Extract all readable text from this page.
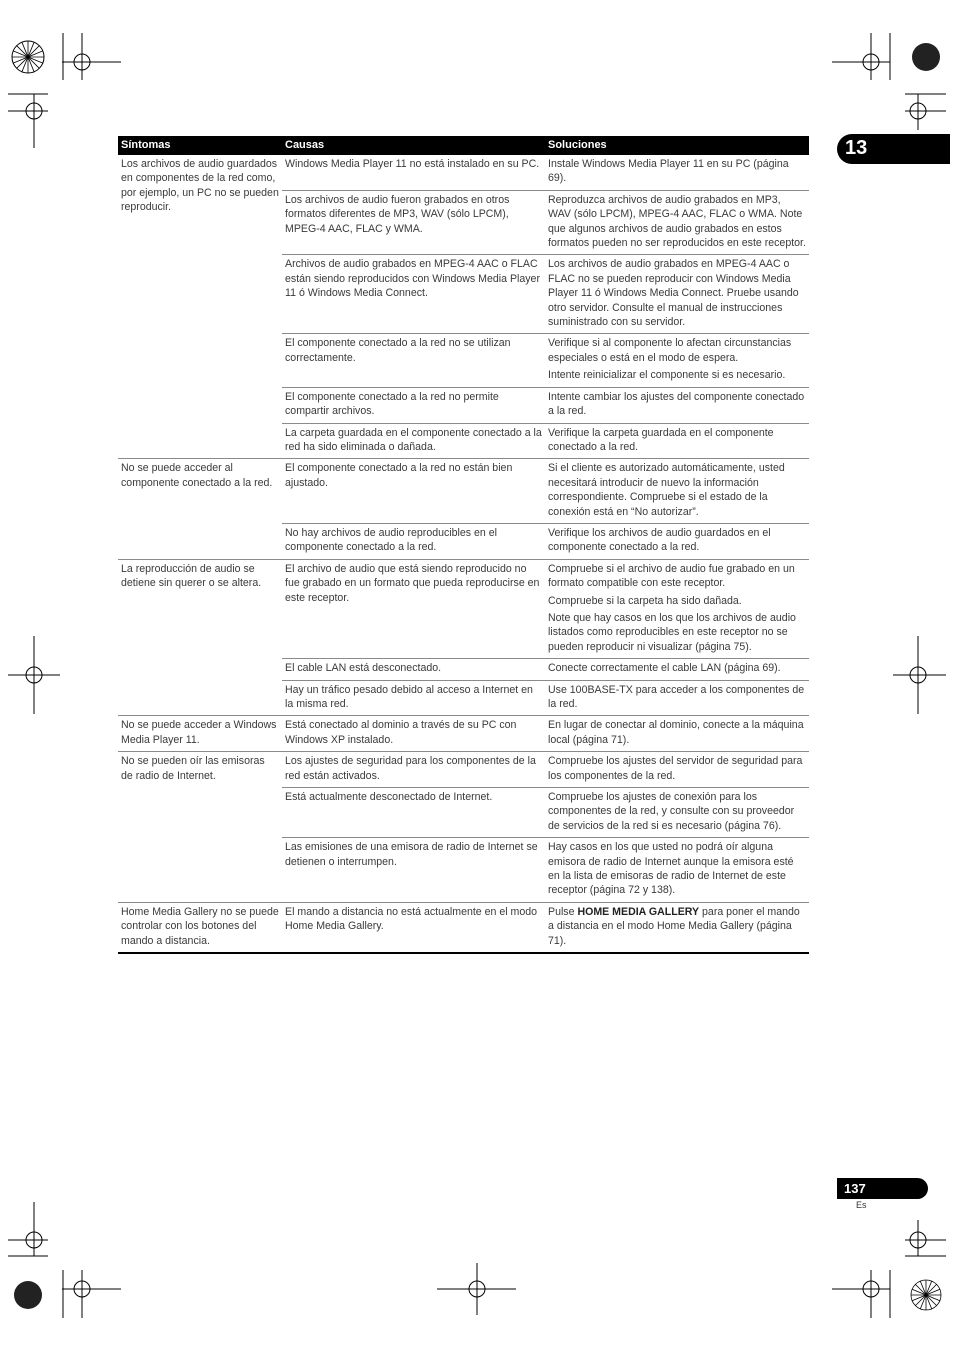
13
Síntomas	Causas	Soluciones
Los archivos de audio guardados en componentes de la red como, por ejemplo, un PC no se pueden reproducir.	Windows Media Player 11 no está instalado en su PC.	Instale Windows Media Player 11 en su PC (página 69).

	Los archivos de audio fueron grabados en otros formatos diferentes de MP3, WAV (sólo LPCM), MPEG-4 AAC, FLAC y WMA.	Reproduzca archivos de audio grabados en MP3, WAV (sólo LPCM), MPEG-4 AAC, FLAC o WMA. Note que algunos archivos de audio grabados en estos formatos pueden no ser reproducidos en este receptor.

	Archivos de audio grabados en MPEG-4 AAC o FLAC están siendo reproducidos con Windows Media Player 11 ó Windows Media Connect.	Los archivos de audio grabados en MPEG-4 AAC o FLAC no se pueden reproducir con Windows Media Player 11 ó Windows Media Connect. Pruebe usando otro servidor. Consulte el manual de instrucciones suministrado con su servidor.

	El componente conectado a la red no se utilizan correctamente.	Verifique si al componente lo afectan circunstancias especiales o está en el modo de espera.
Intente reinicializar el componente si es necesario.

	El componente conectado a la red no permite compartir archivos.	Intente cambiar los ajustes del componente conectado a la red.

	La carpeta guardada en el componente conectado a la red ha sido eliminada o dañada.	Verifique la carpeta guardada en el componente conectado a la red.

No se puede acceder al componente conectado a la red.	El componente conectado a la red no están bien ajustado.	Si el cliente es autorizado automáticamente, usted necesitará introducir de nuevo la información correspondiente. Compruebe si el estado de la conexión está en “No autorizar”.

	No hay archivos de audio reproducibles en el componente conectado a la red.	Verifique los archivos de audio guardados en el componente conectado a la red.

La reproducción de audio se detiene sin querer o se altera.	El archivo de audio que está siendo reproducido no fue grabado en un formato que pueda reproducirse en este receptor.	Compruebe si el archivo de audio fue grabado en un formato compatible con este receptor.
Compruebe si la carpeta ha sido dañada.
Note que hay casos en los que los archivos de audio listados como reproducibles en este receptor no se pueden reproducir ni visualizar (página 75).

	El cable LAN está desconectado.	Conecte correctamente el cable LAN (página 69).

	Hay un tráfico pesado debido al acceso a Internet en la misma red.	Use 100BASE-TX para acceder a los componentes de la red.

No se puede acceder a Windows Media Player 11.	Está conectado al dominio a través de su PC con Windows XP instalado.	En lugar de conectar al dominio, conecte a la máquina local (página 71).

No se pueden oír las emisoras de radio de Internet.	Los ajustes de seguridad para los componentes de la red están activados.	Compruebe los ajustes del servidor de seguridad para los componentes de la red.

	Está actualmente desconectado de Internet.	Compruebe los ajustes de conexión para los componentes de la red, y consulte con su proveedor de servicios de la red si es necesario (página 76).

	Las emisiones de una emisora de radio de Internet se detienen o interrumpen.	Hay casos en los que usted no podrá oír alguna emisora de radio de Internet aunque la emisora esté en la lista de emisoras de radio de Internet de este receptor (página 72 y 138).

Home Media Gallery no se puede controlar con los botones del mando a distancia.	El mando a distancia no está actualmente en el modo Home Media Gallery.	Pulse HOME MEDIA GALLERY para poner el mando a distancia en el modo Home Media Gallery (página 71).
137
Es
